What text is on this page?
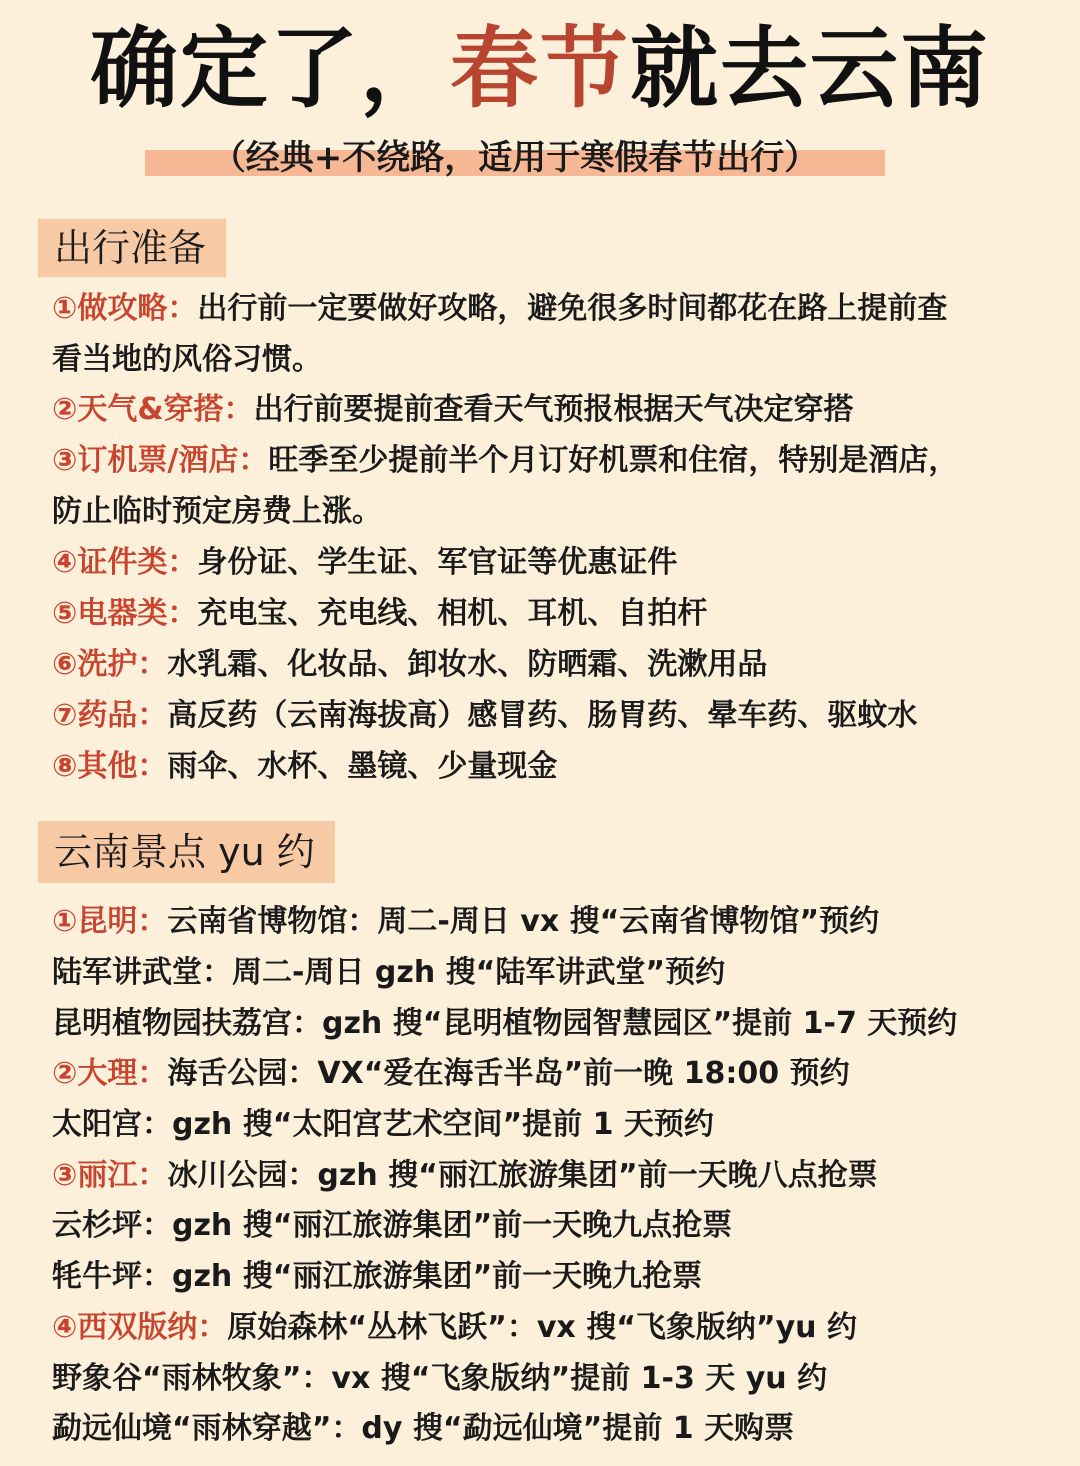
确定了，春节就去云南
（经典+不绕路，适用于寒假春节出行）
出行准备
①做攻略：出行前一定要做好攻略，避免很多时间都花在路上提前查
看当地的风俗习惯。
②天气&穿搭：出行前要提前查看天气预报根据天气决定穿搭
③订机票/酒店：旺季至少提前半个月订好机票和住宿，特别是酒店，
防止临时预定房费上涨。
④证件类：身份证、学生证、军官证等优惠证件
⑤电器类：充电宝、充电线、相机、耳机、自拍杆
⑥洗护：水乳霜、化妆品、卸妆水、防晒霜、洗漱用品
⑦药品：高反药（云南海拔高）感冒药、肠胃药、晕车药、驱蚊水
⑧其他：雨伞、水杯、墨镜、少量现金
云南景点 yu 约
①昆明：云南省博物馆：周二-周日 vx 搜“云南省博物馆”预约
陆军讲武堂：周二-周日 gzh 搜“陆军讲武堂”预约
昆明植物园扶荔宫：gzh 搜“昆明植物园智慧园区”提前 1-7 天预约
②大理：海舌公园：VX“爱在海舌半岛”前一晚 18:00 预约
太阳宫：gzh 搜“太阳宫艺术空间”提前 1 天预约
③丽江：冰川公园：gzh 搜“丽江旅游集团”前一天晚八点抢票
云杉坪：gzh 搜“丽江旅游集团”前一天晚九点抢票
牦牛坪：gzh 搜“丽江旅游集团”前一天晚九抢票
④西双版纳：原始森林“丛林飞跃”：vx 搜“飞象版纳”yu 约
野象谷“雨林牧象”：vx 搜“飞象版纳”提前 1-3 天 yu 约
勐远仙境“雨林穿越”：dy 搜“勐远仙境”提前 1 天购票
